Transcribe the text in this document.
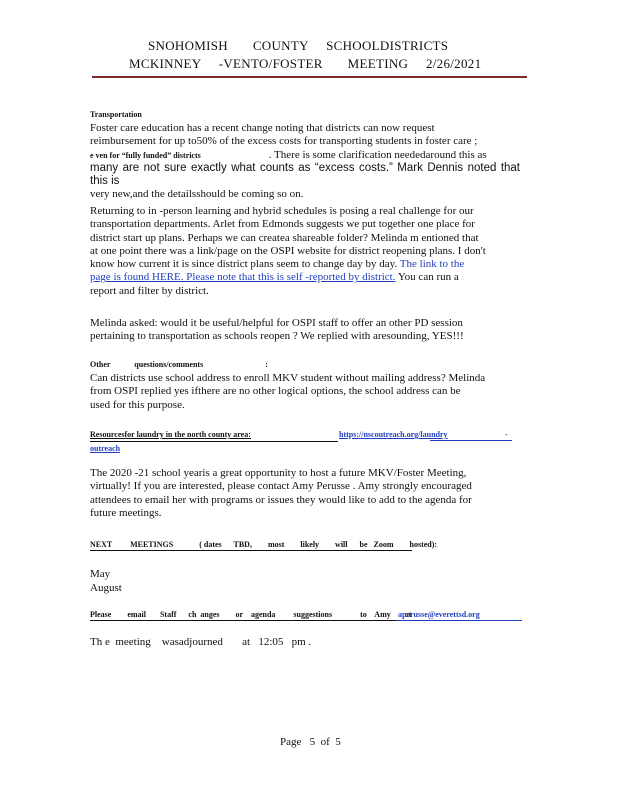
SNOHOMISH       COUNTY     SCHOOLDISTRICTS
MCKINNEY     -VENTO/FOSTER       MEETING     2/26/2021
Transportation
Foster care education has a recent change noting that districts can now request
reimbursement for up to50% of the excess costs for transporting students in foster care ;
e ven for “fully funded” districts	. There is some clarification neededaround this as
many are not sure exactly what counts as “excess costs.” Mark Dennis noted that this is
very new,and the detailsshould be coming so on.
Returning to in -person learning and hybrid schedules is posing a real challenge for our
transportation departments. Arlet from Edmonds suggests we put together one place for
district start up plans. Perhaps we can createa shareable folder? Melinda m entioned that
at one point there was a link/page on the OSPI website for district reopening plans. I don't
know how current it is since district plans seem to change day by day. The link to the
page is found HERE. Please note that this is self -reported by district. You can run a
report and filter by district.
Melinda asked: would it be useful/helpful for OSPI staff to offer an other PD session
pertaining to transportation as schools reopen ? We replied with aresounding, YES!!!
Other	questions/comments	:
Can districts use school address to enroll MKV student without mailing address? Melinda
from OSPI replied yes ifthere are no other logical options, the school address can be
used for this purpose.
Resourcesfor laundry in the north county area:	https://nscoutreach.org/laundry	-
outreach
The 2020 -21 school yearis a great opportunity to host a future MKV/Foster Meeting,
virtually! If you are interested, please contact Amy Perusse . Amy strongly encouraged
attendees to email her with programs or issues they would like to add to the agenda for
future meetings.
NEXT         MEETINGS             ( dates      TBD,        most        likely        will      be   Zoom        hosted):
May
August
Please        email       Staff      ch  anges        or    agenda         suggestions              to    Amy       at
aperusse@everettsd.org
Th e  meeting    wasadjourned       at   12:05   pm .
Page   5  of  5
